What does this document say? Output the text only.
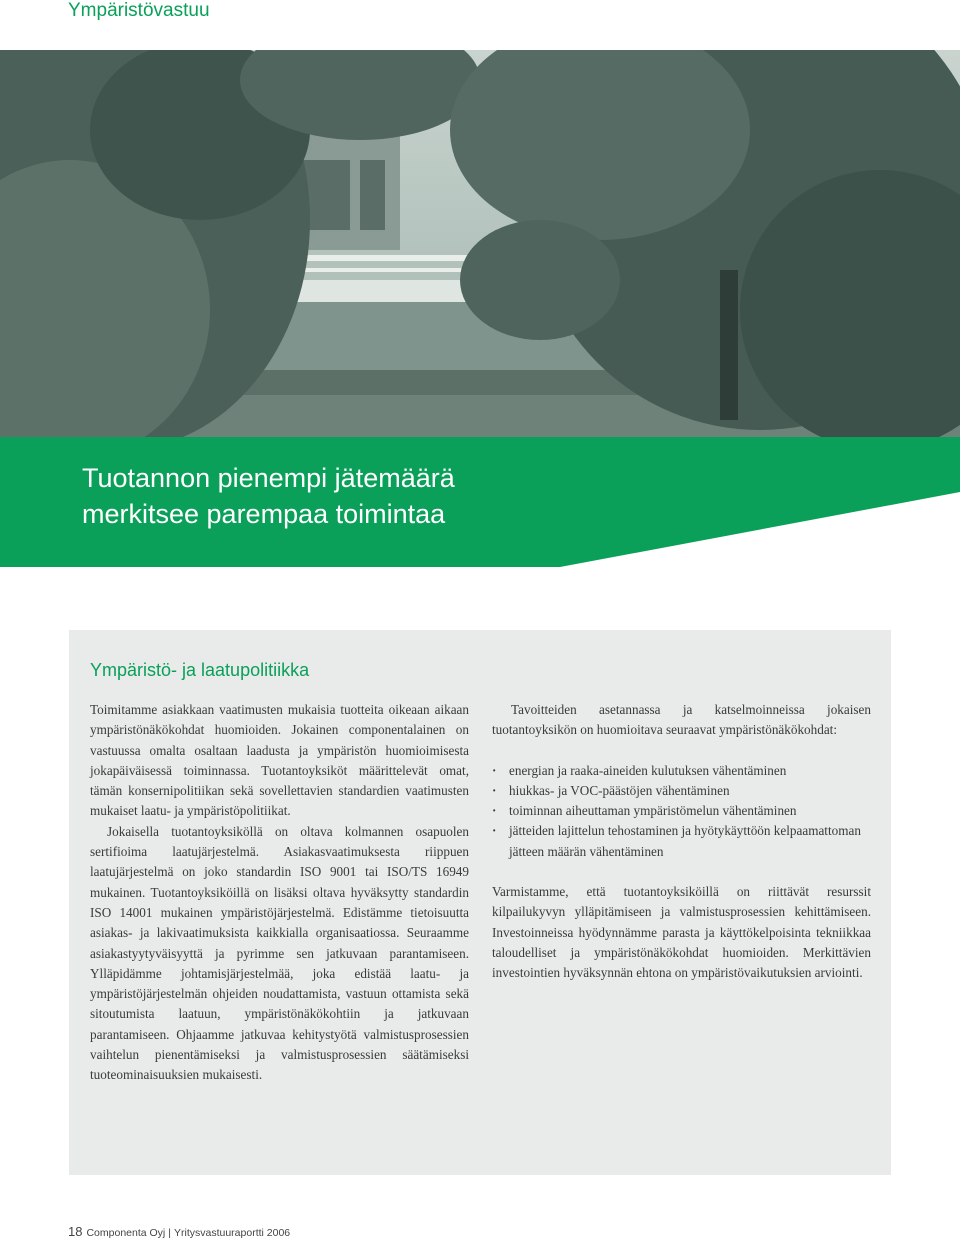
Ympäristövastuu
Tuotannon pienempi jätemäärä
merkitsee parempaa toimintaa
Ympäristö- ja laatupolitiikka

Toimitamme asiakkaan vaatimusten mukaisia tuotteita oikeaan aikaan ympäristönäkökohdat huomioiden. Jokainen componentalainen on vastuussa omalta osaltaan laadusta ja ympäristön huomioimisesta jokapäiväisessä toiminnassa. Tuotantoyksiköt määrittelevät omat, tämän konsernipolitiikan sekä sovellettavien standardien vaatimusten mukaiset laatu- ja ympäristöpolitiikat.

Jokaisella tuotantoyksiköllä on oltava kolmannen osapuolen sertifioima laatujärjestelmä. Asiakasvaatimuksesta riippuen laatujärjestelmä on joko standardin ISO 9001 tai ISO/TS 16949 mukainen. Tuotantoyksiköillä on lisäksi oltava hyväksytty standardin ISO 14001 mukainen ympäristöjärjestelmä. Edistämme tietoisuutta asiakas- ja lakivaatimuksista kaikkialla organisaatiossa. Seuraamme asiakastyytyväisyyttä ja pyrimme sen jatkuvaan parantamiseen. Ylläpidämme johtamisjärjestelmää, joka edistää laatu- ja ympäristöjärjestelmän ohjeiden noudattamista, vastuun ottamista sekä sitoutumista laatuun, ympäristönäkökohtiin ja jatkuvaan parantamiseen. Ohjaamme jatkuvaa kehitystyötä valmistusprosessien vaihtelun pienentämiseksi ja valmistusprosessien säätämiseksi tuoteominaisuuksien mukaisesti.

Tavoitteiden asetannassa ja katselmoinneissa jokaisen tuotantoyksikön on huomioitava seuraavat ympäristönäkökohdat:

· energian ja raaka-aineiden kulutuksen vähentäminen
· hiukkas- ja VOC-päästöjen vähentäminen
· toiminnan aiheuttaman ympäristömelun vähentäminen
· jätteiden lajittelun tehostaminen ja hyötykäyttöön kelpaamattoman jätteen määrän vähentäminen

Varmistamme, että tuotantoyksiköillä on riittävät resurssit kilpailukyvyn ylläpitämiseen ja valmistusprosessien kehittämiseen. Investoinneissa hyödynnämme parasta ja käyttökelpoisinta tekniikkaa taloudelliset ja ympäristönäkökohdat huomioiden. Merkittävien investointien hyväksynnän ehtona on ympäristövaikutuksien arviointi.

18 Componenta Oyj | Yritysvastuuraportti 2006
